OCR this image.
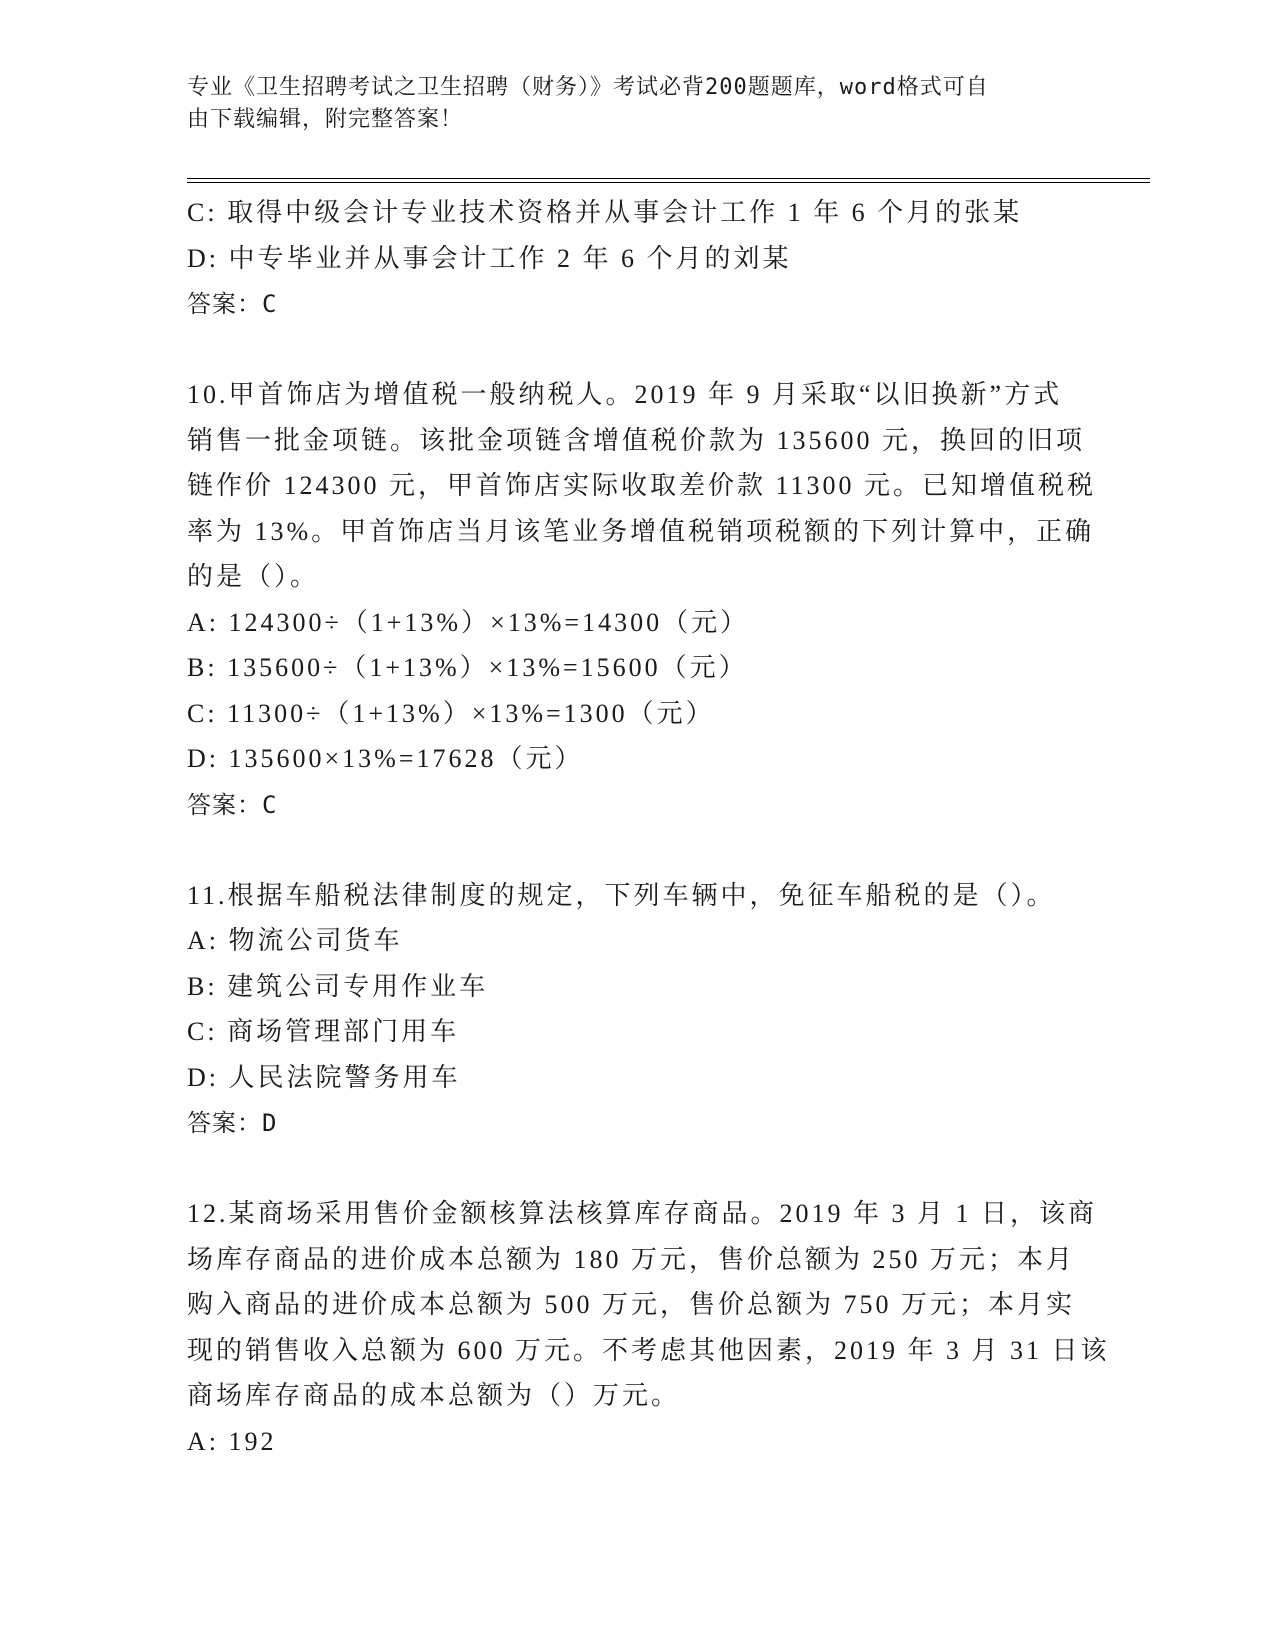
专业《卫生招聘考试之卫生招聘（财务）》考试必背200题题库，word格式可自
由下载编辑，附完整答案！
C: 取得中级会计专业技术资格并从事会计工作 1 年 6 个月的张某
D: 中专毕业并从事会计工作 2 年 6 个月的刘某
答案：C
10.甲首饰店为增值税一般纳税人。2019 年 9 月采取“以旧换新”方式
销售一批金项链。该批金项链含增值税价款为 135600 元，换回的旧项
链作价 124300 元，甲首饰店实际收取差价款 11300 元。已知增值税税
率为 13%。甲首饰店当月该笔业务增值税销项税额的下列计算中，正确
的是（）。
A: 124300÷（1+13%）×13%=14300（元）
B: 135600÷（1+13%）×13%=15600（元）
C: 11300÷（1+13%）×13%=1300（元）
D: 135600×13%=17628（元）
答案：C
11.根据车船税法律制度的规定，下列车辆中，免征车船税的是（）。
A: 物流公司货车
B: 建筑公司专用作业车
C: 商场管理部门用车
D: 人民法院警务用车
答案：D
12.某商场采用售价金额核算法核算库存商品。2019 年 3 月 1 日，该商
场库存商品的进价成本总额为 180 万元，售价总额为 250 万元；本月
购入商品的进价成本总额为 500 万元，售价总额为 750 万元；本月实
现的销售收入总额为 600 万元。不考虑其他因素，2019 年 3 月 31 日该
商场库存商品的成本总额为（）万元。
A: 192
